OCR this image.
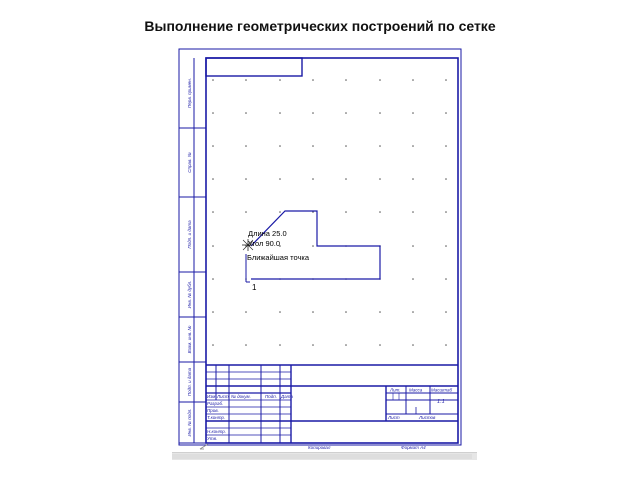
Выполнение геометрических построений по сетке
Перв. примен.
Справ. №
Подп. и дата
Инв. № дубл.
Взам. инв. №
Подп. и дата
Инв. № подл.
Длина 25.0
Угол 90.0
Ближайшая точка
1
Изм Лист № докум.	Подп. Дата
Разраб.
Пров.
Т.контр.
Н.контр.
Утв.
Лит. Масса Масштаб
1:1
Лист	Листов
Копировал	Формат А4
